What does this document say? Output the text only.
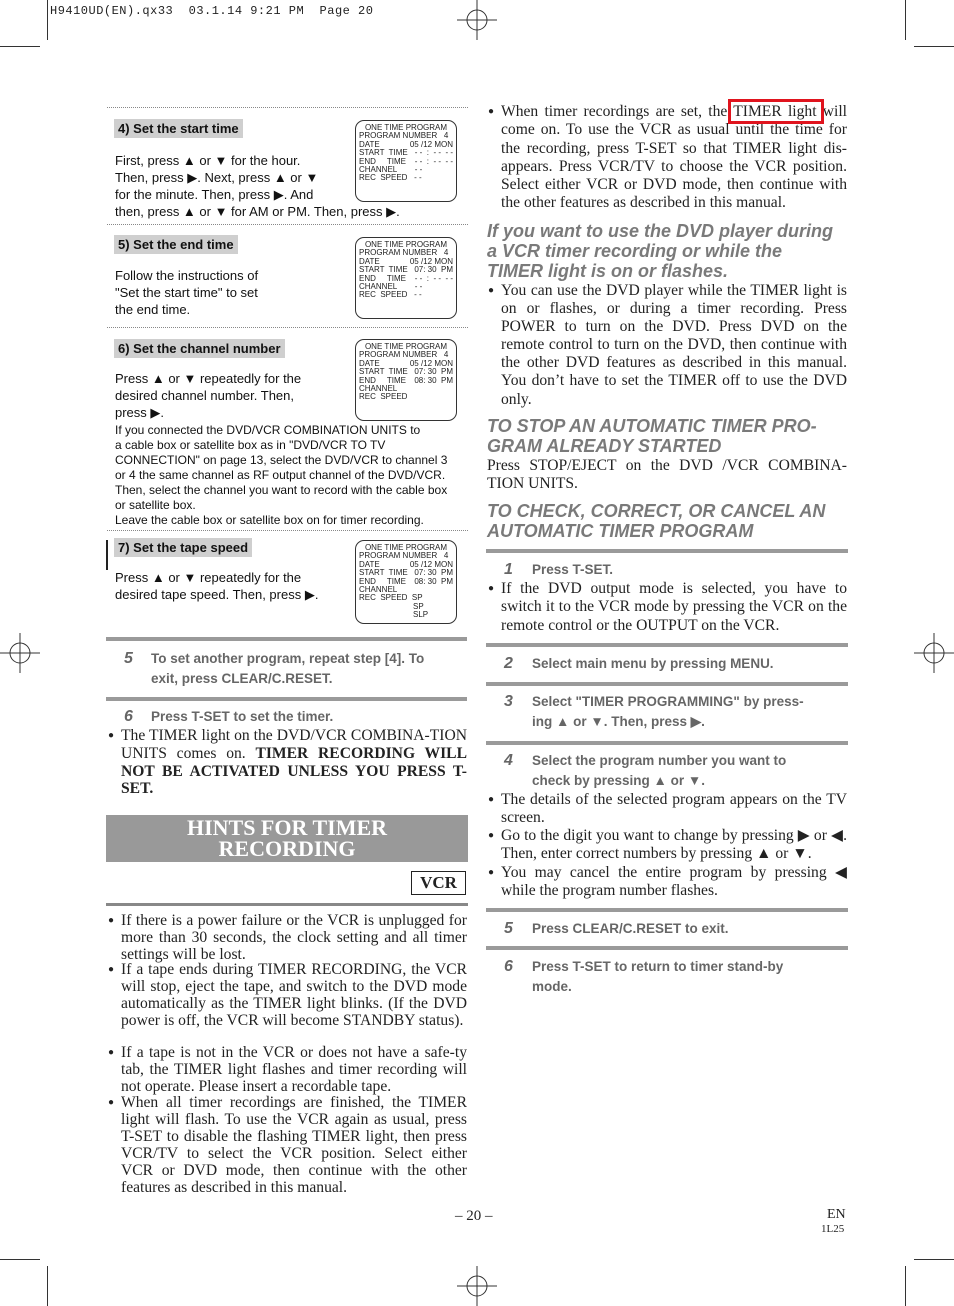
H9410UD(EN).qx33  03.1.14 9:21 PM  Page 20
4) Set the start time
First, press ▲ or ▼ for the hour.
Then, press ▶. Next, press ▲ or ▼
for the minute. Then, press ▶. And
then, press ▲ or ▼ for AM or PM. Then, press ▶.
ONE TIME PROGRAM
PROGRAM NUMBER   4
DATE	05 /12 MON
START  TIME - -  :  - -  - -
END     TIME - -  :  - -  - -
CHANNEL        - -
REC  SPEED   - -
5) Set the end time
Follow the instructions of
"Set the start time" to set
the end time.
ONE TIME PROGRAM
PROGRAM NUMBER   4
DATE	05 /12 MON
START  TIME 07: 30  PM
END     TIME - -  :  - -  - -
CHANNEL        - -
REC  SPEED   - -
6) Set the channel number
Press ▲ or ▼ repeatedly for the
desired channel number. Then,
press ▶.
If you connected the DVD/VCR COMBINATION UNITS to
a cable box or satellite box as in "DVD/VCR TO TV
CONNECTION" on page 13, select the DVD/VCR to channel 3
or 4 the same channel as RF output channel of the DVD/VCR.
Then, select the channel you want to record with the cable box
or satellite box.
Leave the cable box or satellite box on for timer recording.
ONE TIME PROGRAM
PROGRAM NUMBER   4
DATE	05 /12 MON
START  TIME 07: 30  PM
END     TIME 08: 30  PM
CHANNEL
REC  SPEED
7) Set the tape speed
Press ▲ or ▼ repeatedly for the
desired tape speed. Then, press ▶.
ONE TIME PROGRAM
PROGRAM NUMBER   4
DATE	05 /12 MON
START  TIME 07: 30  PM
END     TIME 08: 30  PM
CHANNEL
REC  SPEED  SP
SP
SLP
5 To set another program, repeat step [4]. To
exit, press CLEAR/C.RESET.
6 Press T-SET to set the timer.
● The TIMER light on the DVD/VCR COMBINA-TION UNITS comes on. TIMER RECORDING WILL NOT BE ACTIVATED UNLESS YOU PRESS T-SET.
HINTS FOR TIMER
RECORDING
VCR
● If there is a power failure or the VCR is unplugged for more than 30 seconds, the clock setting and all timer settings will be lost.
● If a tape ends during TIMER RECORDING, the VCR will stop, eject the tape, and switch to the DVD mode automatically as the TIMER light blinks. (If the DVD power is off, the VCR will become STANDBY status).
● If a tape is not in the VCR or does not have a safe-ty tab, the TIMER light flashes and timer recording will not operate. Please insert a recordable tape.
● When all timer recordings are finished, the TIMER light will flash. To use the VCR again as usual, press T-SET to disable the flashing TIMER light, then press VCR/TV to select the VCR position. Select either VCR or DVD mode, then continue with the other features as described in this manual.
● When timer recordings are set, the TIMER light will come on. To use the VCR as usual until the time for the recording, press T-SET so that TIMER light dis-appears. Press VCR/TV to choose the VCR position. Select either VCR or DVD mode, then continue with the other features as described in this manual.
If you want to use the DVD player during
a VCR timer recording or while the
TIMER light is on or flashes.
● You can use the DVD player while the TIMER light is on or flashes, or during a timer recording. Press POWER to turn on the DVD. Press DVD on the remote control to turn on the DVD, then continue with the other DVD features as described in this manual. You don’t have to set the TIMER off to use the DVD only.
TO STOP AN AUTOMATIC TIMER PRO-
GRAM ALREADY STARTED
Press STOP/EJECT on the DVD /VCR COMBINA-TION UNITS.
TO CHECK, CORRECT, OR CANCEL AN
AUTOMATIC TIMER PROGRAM
1 Press T-SET.
● If the DVD output mode is selected, you have to switch it to the VCR mode by pressing the VCR on the remote control or the OUTPUT on the VCR.
2 Select main menu by pressing MENU.
3 Select "TIMER PROGRAMMING" by press-
ing ▲ or ▼. Then, press ▶.
4 Select the program number you want to
check by pressing ▲ or ▼.
● The details of the selected program appears on the TV screen.
● Go to the digit you want to change by pressing ▶ or ◀. Then, enter correct numbers by pressing ▲ or ▼.
● You may cancel the entire program by pressing ◀ while the program number flashes.
5 Press CLEAR/C.RESET to exit.
6 Press T-SET to return to timer stand-by
mode.
– 20 –	EN
1L25
